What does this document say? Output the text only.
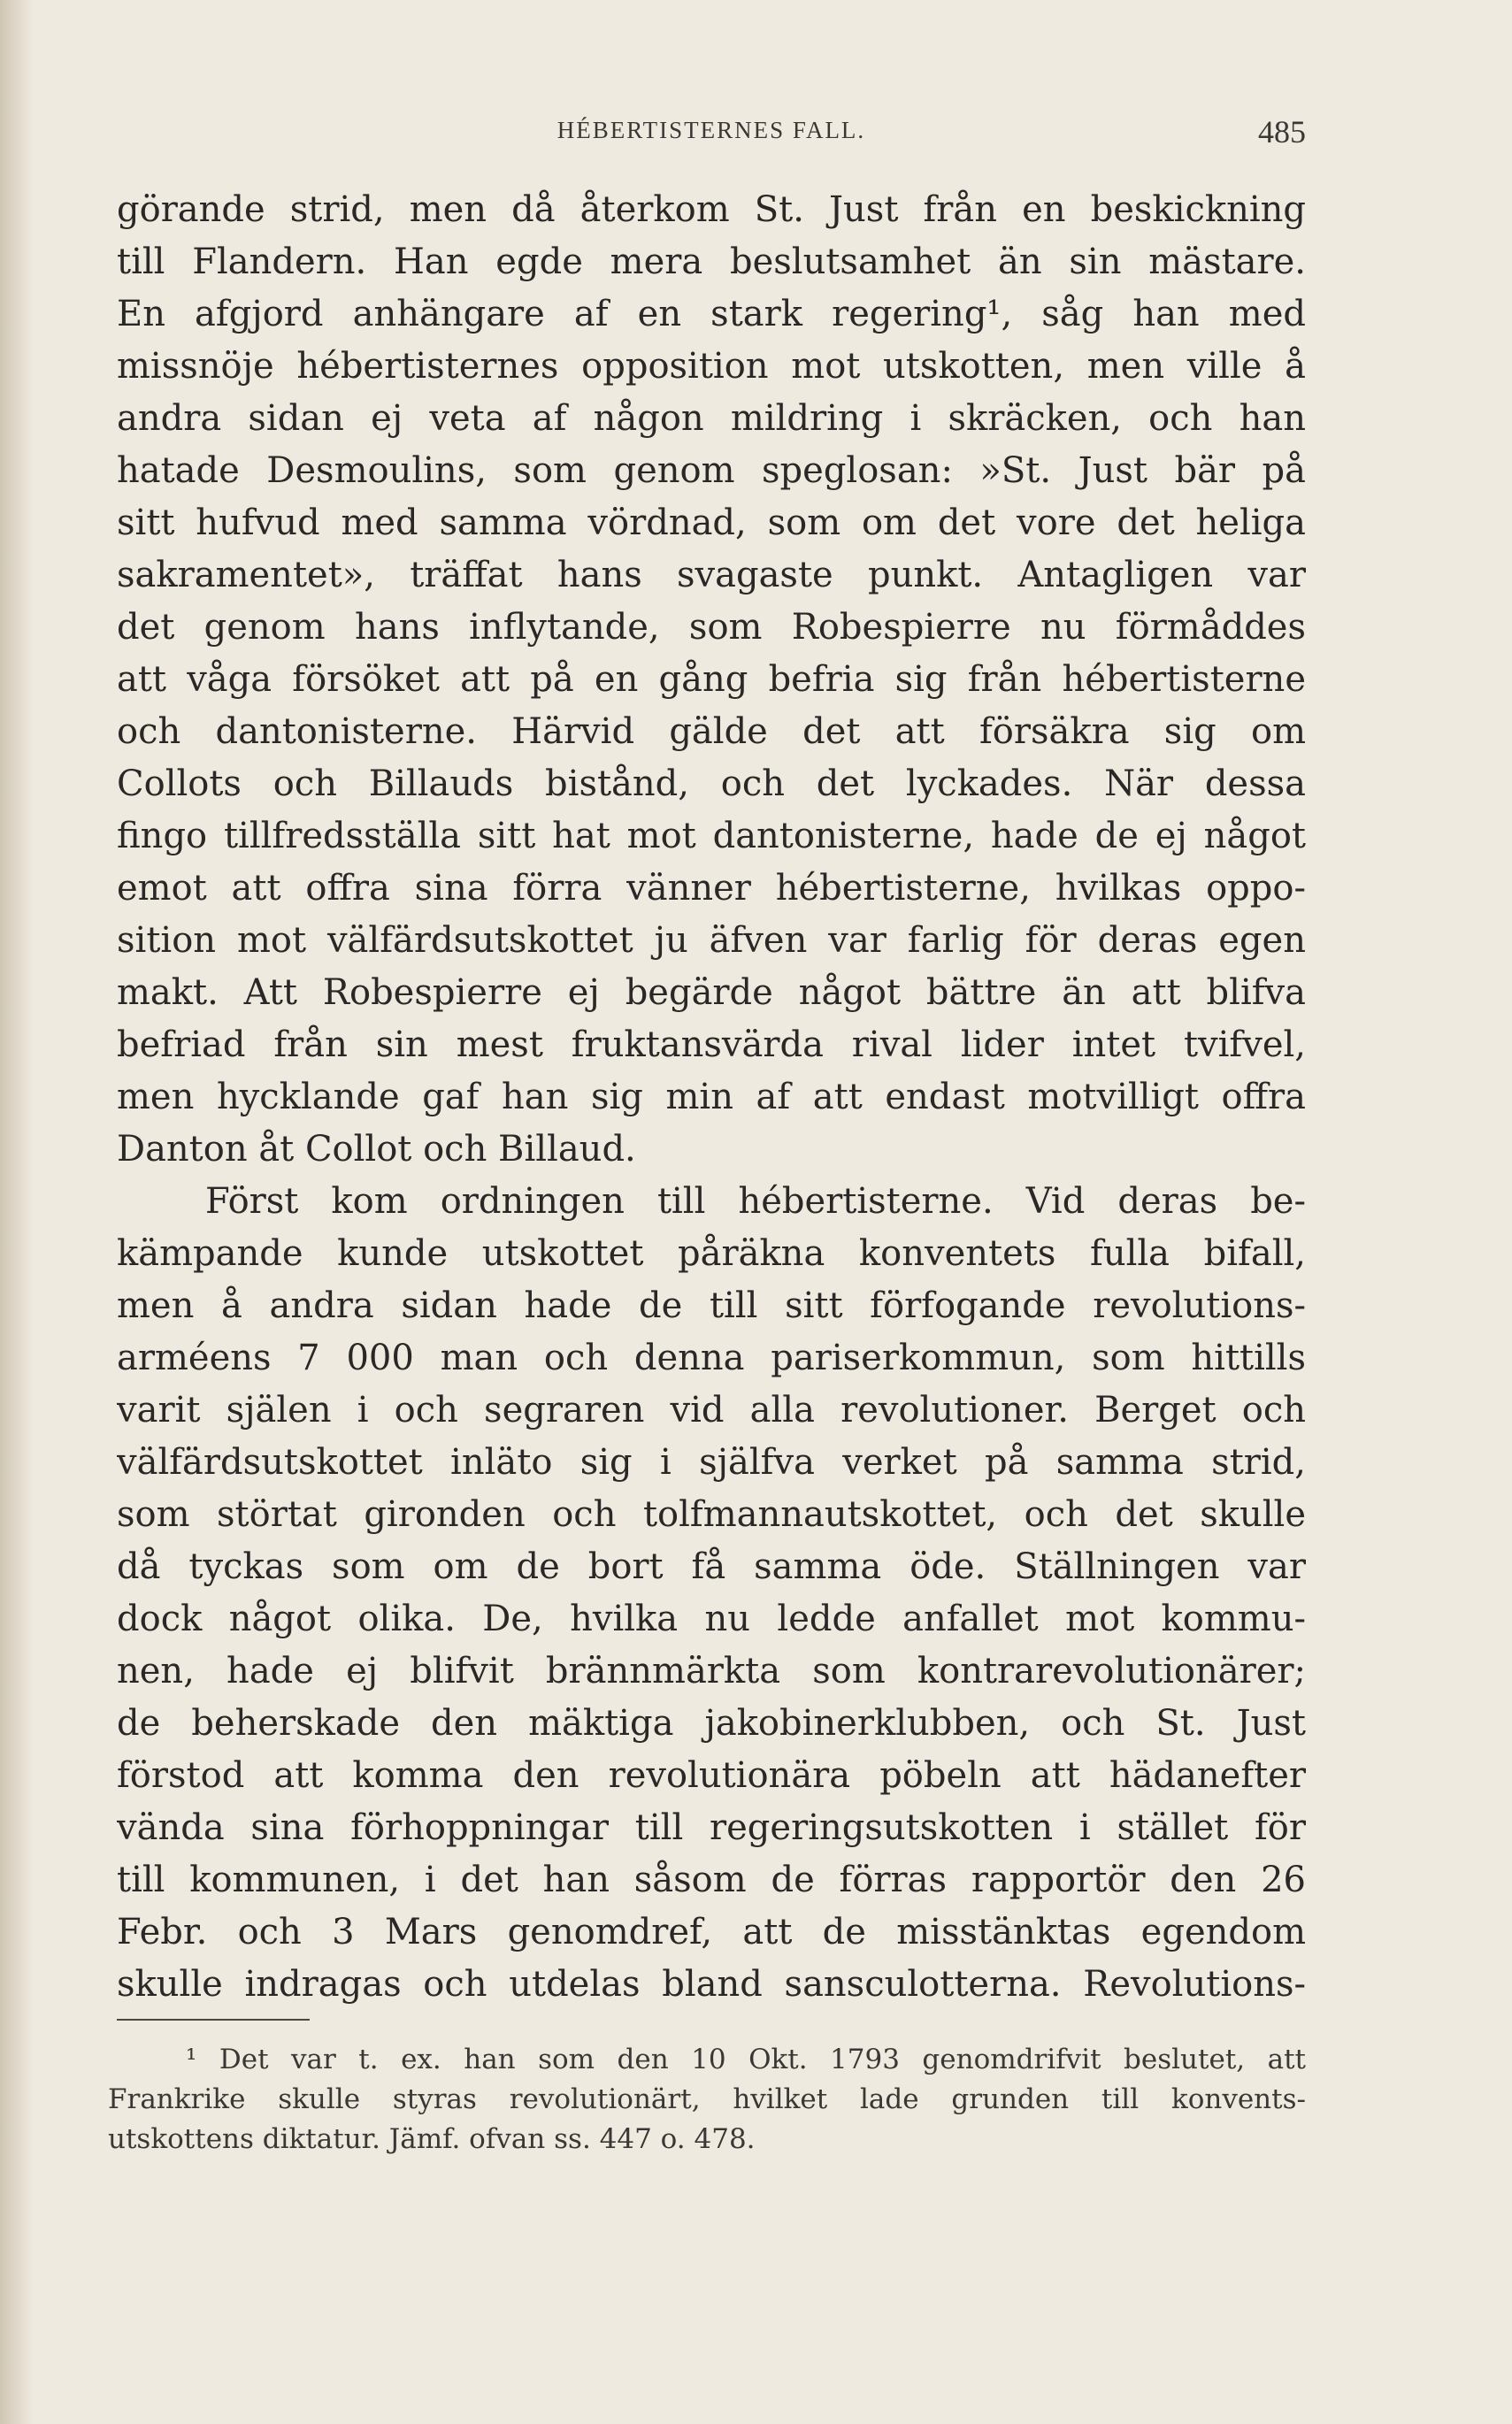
HÉBERTISTERNES FALL.	485
görande strid, men då återkom St. Just från en beskickning
till Flandern. Han egde mera beslutsamhet än sin mästare.
En afgjord anhängare af en stark regering¹, såg han med
missnöje hébertisternes opposition mot utskotten, men ville å
andra sidan ej veta af någon mildring i skräcken, och han
hatade Desmoulins, som genom speglosan: »St. Just bär på
sitt hufvud med samma vördnad, som om det vore det heliga
sakramentet», träffat hans svagaste punkt. Antagligen var
det genom hans inflytande, som Robespierre nu förmåddes
att våga försöket att på en gång befria sig från hébertisterne
och dantonisterne. Härvid gälde det att försäkra sig om
Collots och Billauds bistånd, och det lyckades. När dessa
fingo tillfredsställa sitt hat mot dantonisterne, hade de ej något
emot att offra sina förra vänner hébertisterne, hvilkas oppo-
sition mot välfärdsutskottet ju äfven var farlig för deras egen
makt. Att Robespierre ej begärde något bättre än att blifva
befriad från sin mest fruktansvärda rival lider intet tvifvel,
men hycklande gaf han sig min af att endast motvilligt offra
Danton åt Collot och Billaud.
Först kom ordningen till hébertisterne. Vid deras be-
kämpande kunde utskottet påräkna konventets fulla bifall,
men å andra sidan hade de till sitt förfogande revolutions-
arméens 7 000 man och denna pariserkommun, som hittills
varit själen i och segraren vid alla revolutioner. Berget och
välfärdsutskottet inläto sig i själfva verket på samma strid,
som störtat gironden och tolfmannautskottet, och det skulle
då tyckas som om de bort få samma öde. Ställningen var
dock något olika. De, hvilka nu ledde anfallet mot kommu-
nen, hade ej blifvit brännmärkta som kontrarevolutionärer;
de beherskade den mäktiga jakobinerklubben, och St. Just
förstod att komma den revolutionära pöbeln att hädanefter
vända sina förhoppningar till regeringsutskotten i stället för
till kommunen, i det han såsom de förras rapportör den 26
Febr. och 3 Mars genomdref, att de misstänktas egendom
skulle indragas och utdelas bland sansculotterna. Revolutions-
¹ Det var t. ex. han som den 10 Okt. 1793 genomdrifvit beslutet, att
Frankrike skulle styras revolutionärt, hvilket lade grunden till konvents-
utskottens diktatur. Jämf. ofvan ss. 447 o. 478.
